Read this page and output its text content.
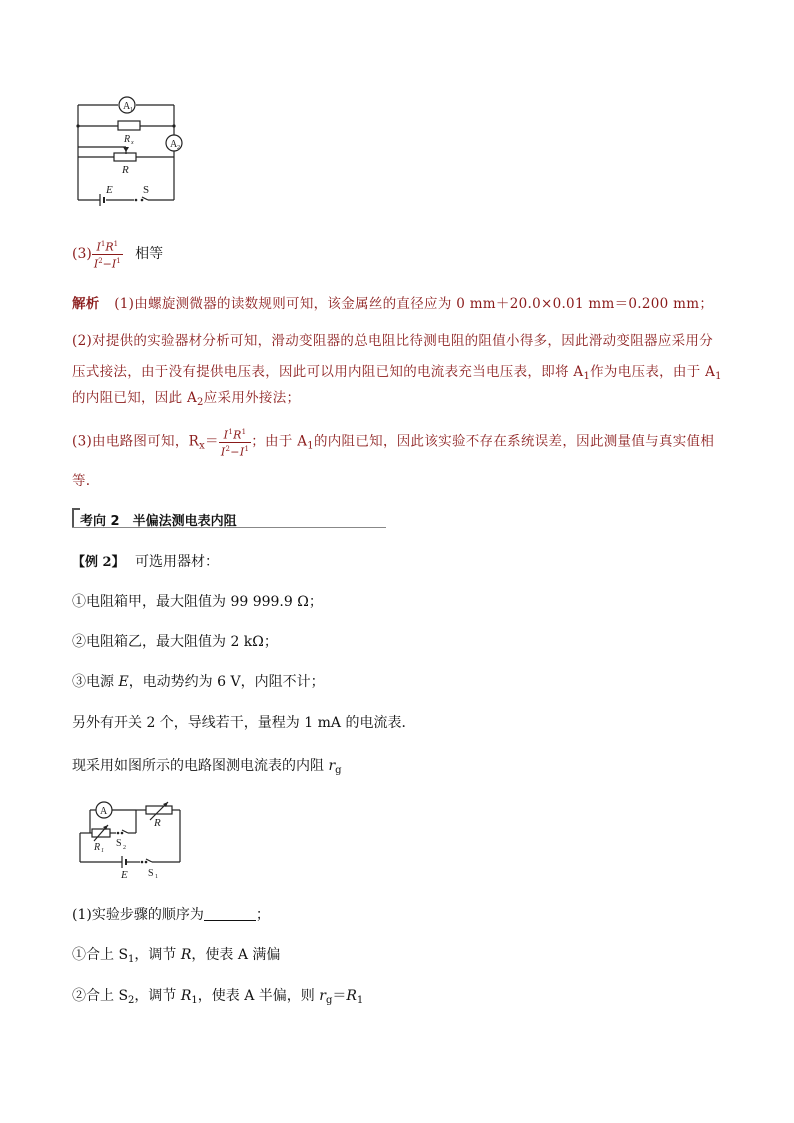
A 1
A 2
R x
R
E	S
$(3) \frac{I^1R^1}{I^2-I^1}$ 相等
解析 (1)由螺旋测微器的读数规则可知，该金属丝的直径应为 0 mm＋20.0×0.01 mm＝0.200 mm；
(2)对提供的实验器材分析可知，滑动变阻器的总电阻比待测电阻的阻值小得多，因此滑动变阻器应采用分
压式接法，由于没有提供电压表，因此可以用内阻已知的电流表充当电压表，即将 $A_1$作为电压表，由于 $A_1$
的内阻已知，因此 $A_2$应采用外接法；
(3)由电路图可知，$R_x= \frac{I^1R^1}{I^2-I^1}$ ；由于 $A_1$的内阻已知，因此该实验不存在系统误差，因此测量值与真实值相
等.
考向 2　半偏法测电表内阻
【例 2】 可选用器材：
①电阻箱甲，最大阻值为 99 999.9 Ω；
②电阻箱乙，最大阻值为 2 kΩ；
③电源 E，电动势约为 6 V，内阻不计；
另外有开关 2 个，导线若干，量程为 1 mA 的电流表．
现采用如图所示的电路图测电流表的内阻 $r_g$
A
R
R 1
S 2
E S 1
(1)实验步骤的顺序为	；
①合上 $S_1$，调节 R，使表 A 满偏
②合上 $S_2$，调节 $R_1$，使表 A 半偏，则 $r_g=R_1$
